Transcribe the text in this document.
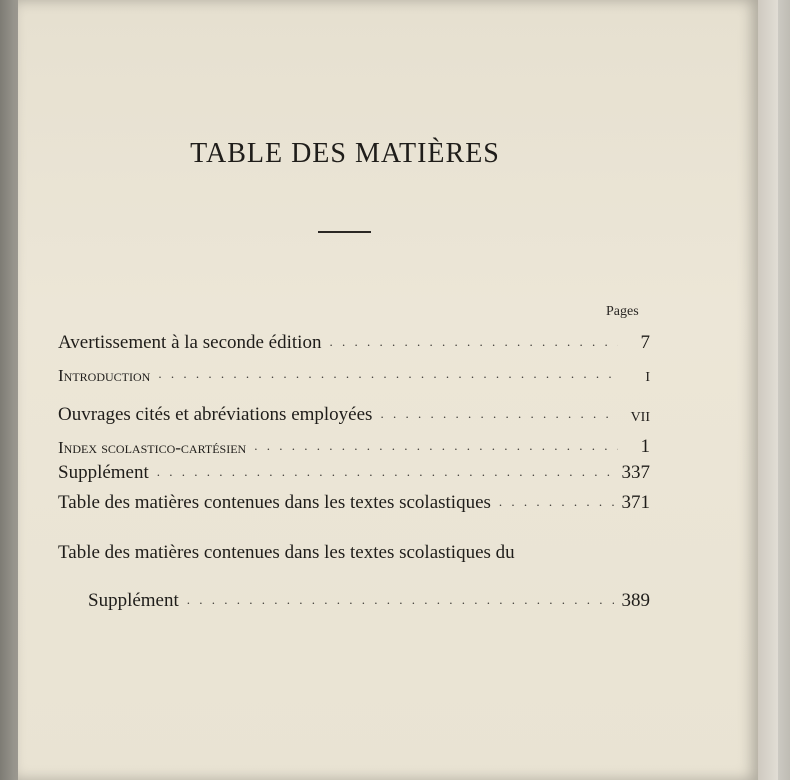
TABLE DES MATIÈRES
Pages
Avertissement à la seconde édition . . .	7
Introduction . . .	I
Ouvrages cités et abréviations employées . . .	VII
Index scolastico-cartésien . . .	1
Supplément . . .	337
Table des matières contenues dans les textes scolastiques . . .	371
Table des matières contenues dans les textes scolastiques du
Supplément . . .	389
